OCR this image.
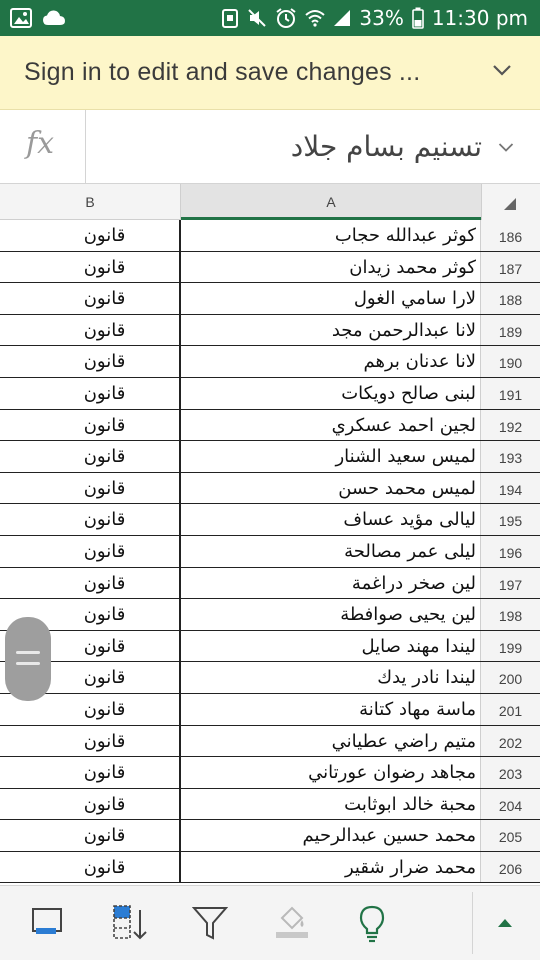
33% 11:30 pm
Sign in to edit and save changes ...
fx	تسنيم بسام جلاد
B	A
قانون	كوثر عبدالله حجاب	186
قانون	كوثر محمد زيدان	187
قانون	لارا سامي الغول	188
قانون	لانا عبدالرحمن مجد	189
قانون	لانا عدنان برهم	190
قانون	لبنى صالح دويكات	191
قانون	لجين احمد عسكري	192
قانون	لميس سعيد الشنار	193
قانون	لميس محمد حسن	194
قانون	ليالى مؤيد عساف	195
قانون	ليلى عمر مصالحة	196
قانون	لين صخر دراغمة	197
قانون	لين يحيى صوافطة	198
قانون	ليندا مهند صايل	199
قانون	ليندا نادر يدك	200
قانون	ماسة مهاد كتانة	201
قانون	متيم راضي عطياني	202
قانون	مجاهد رضوان عورتاني	203
قانون	محبة خالد ابوثابت	204
قانون	محمد حسين عبدالرحيم	205
قانون	محمد ضرار شقير	206
